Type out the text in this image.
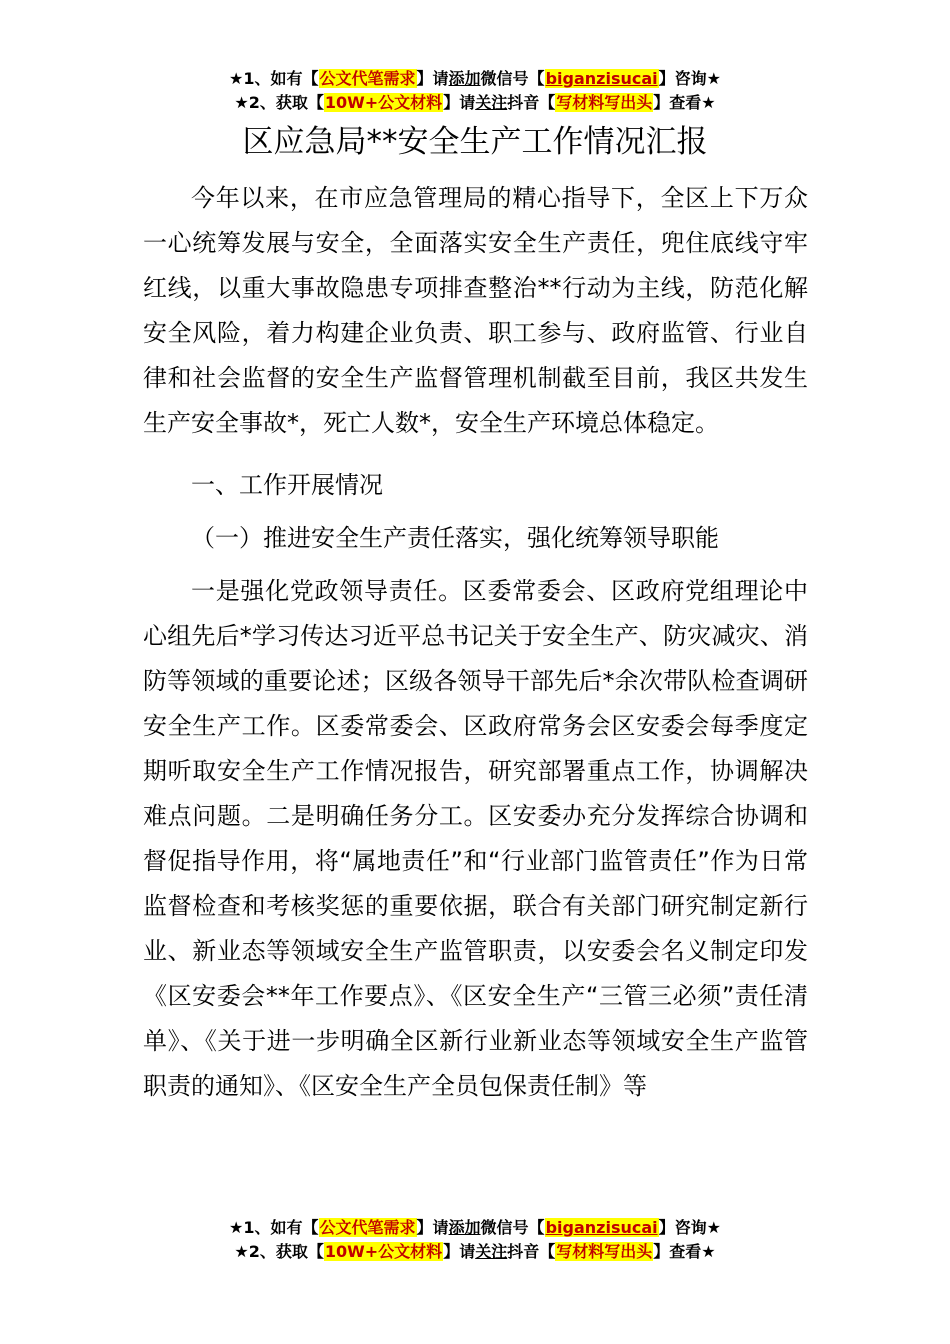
★1、如有【公文代笔需求】请添加微信号【biganzisucai】咨询★
★2、获取【10W+公文材料】请关注抖音【写材料写出头】查看★
区应急局**安全生产工作情况汇报

今年以来，在市应急管理局的精心指导下，全区上下万众一心统筹发展与安全，全面落实安全生产责任，兜住底线守牢红线，以重大事故隐患专项排查整治**行动为主线，防范化解安全风险，着力构建企业负责、职工参与、政府监管、行业自律和社会监督的安全生产监督管理机制截至目前，我区共发生生产安全事故*，死亡人数*，安全生产环境总体稳定。

一、工作开展情况

（一）推进安全生产责任落实，强化统筹领导职能

一是强化党政领导责任。区委常委会、区政府党组理论中心组先后*学习传达习近平总书记关于安全生产、防灾减灾、消防等领域的重要论述；区级各领导干部先后*余次带队检查调研安全生产工作。区委常委会、区政府常务会区安委会每季度定期听取安全生产工作情况报告，研究部署重点工作，协调解决难点问题。二是明确任务分工。区安委办充分发挥综合协调和督促指导作用，将“属地责任”和“行业部门监管责任”作为日常监督检查和考核奖惩的重要依据，联合有关部门研究制定新行业、新业态等领域安全生产监管职责，以安委会名义制定印发《区安委会**年工作要点》、《区安全生产“三管三必须”责任清单》、《关于进一步明确全区新行业新业态等领域安全生产监管职责的通知》、《区安全生产全员包保责任制》等

★1、如有【公文代笔需求】请添加微信号【biganzisucai】咨询★
★2、获取【10W+公文材料】请关注抖音【写材料写出头】查看★
